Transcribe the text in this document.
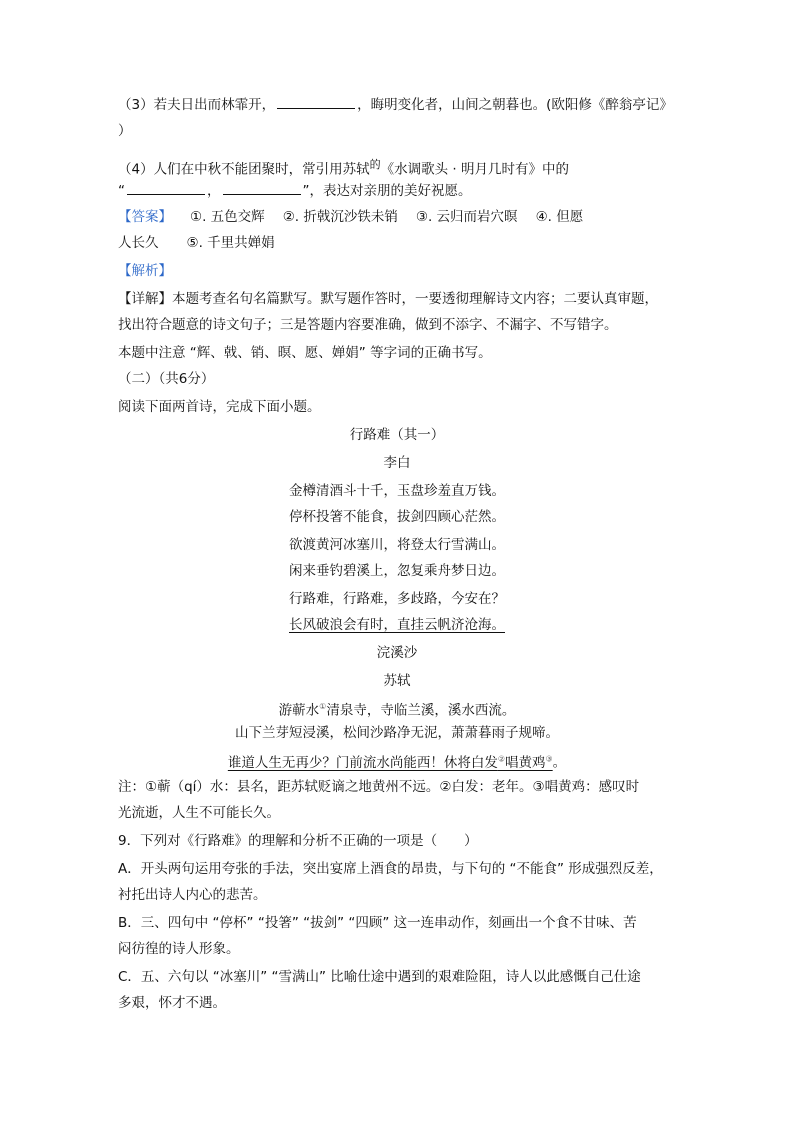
（3）若夫日出而林霏开，	，晦明变化者，山间之朝暮也。(欧阳修《醉翁亭记》
）
（4）人们在中秋不能团聚时，常引用苏轼$^的$《水调歌头 · 明月几时有》中的
“	，	”，表达对亲朋的美好祝愿。
【答案】 ①. 五色交辉 ②. 折戟沉沙铁未销 ③. 云归而岩穴暝 ④. 但愿
人长久 ⑤. 千里共婵娟
【解析】
【详解】本题考查名句名篇默写。默写题作答时，一要透彻理解诗文内容；二要认真审题，
找出符合题意的诗文句子；三是答题内容要准确，做到不添字、不漏字、不写错字。
本题中注意 “辉、戟、销、暝、愿、婵娟” 等字词的正确书写。
（二）（共6分）
阅读下面两首诗，完成下面小题。
行路难（其一）
李白
金樽清酒斗十千，玉盘珍羞直万钱。
停杯投箸不能食，拔剑四顾心茫然。
欲渡黄河冰塞川，将登太行雪满山。
闲来垂钓碧溪上，忽复乘舟梦日边。
行路难，行路难，多歧路，今安在？
长风破浪会有时，直挂云帆济沧海。
浣溪沙
苏轼
游蕲水①清泉寺，寺临兰溪，溪水西流。
山下兰芽短浸溪，松间沙路净无泥，萧萧暮雨子规啼。
谁道人生无再少？门前流水尚能西！休将白发②唱黄鸡③。
注：①蕲（qí）水：县名，距苏轼贬谪之地黄州不远。②白发：老年。③唱黄鸡：感叹时
光流逝，人生不可能长久。
9．下列对《行路难》的理解和分析不正确的一项是（　　）
A．开头两句运用夸张的手法，突出宴席上酒食的昂贵，与下句的 “不能食” 形成强烈反差，
衬托出诗人内心的悲苦。
B．三、四句中 “停杯” “投箸” “拔剑” “四顾” 这一连串动作，刻画出一个食不甘味、苦
闷彷徨的诗人形象。
C．五、六句以 “冰塞川” “雪满山” 比喻仕途中遇到的艰难险阻，诗人以此感慨自己仕途
多艰，怀才不遇。
